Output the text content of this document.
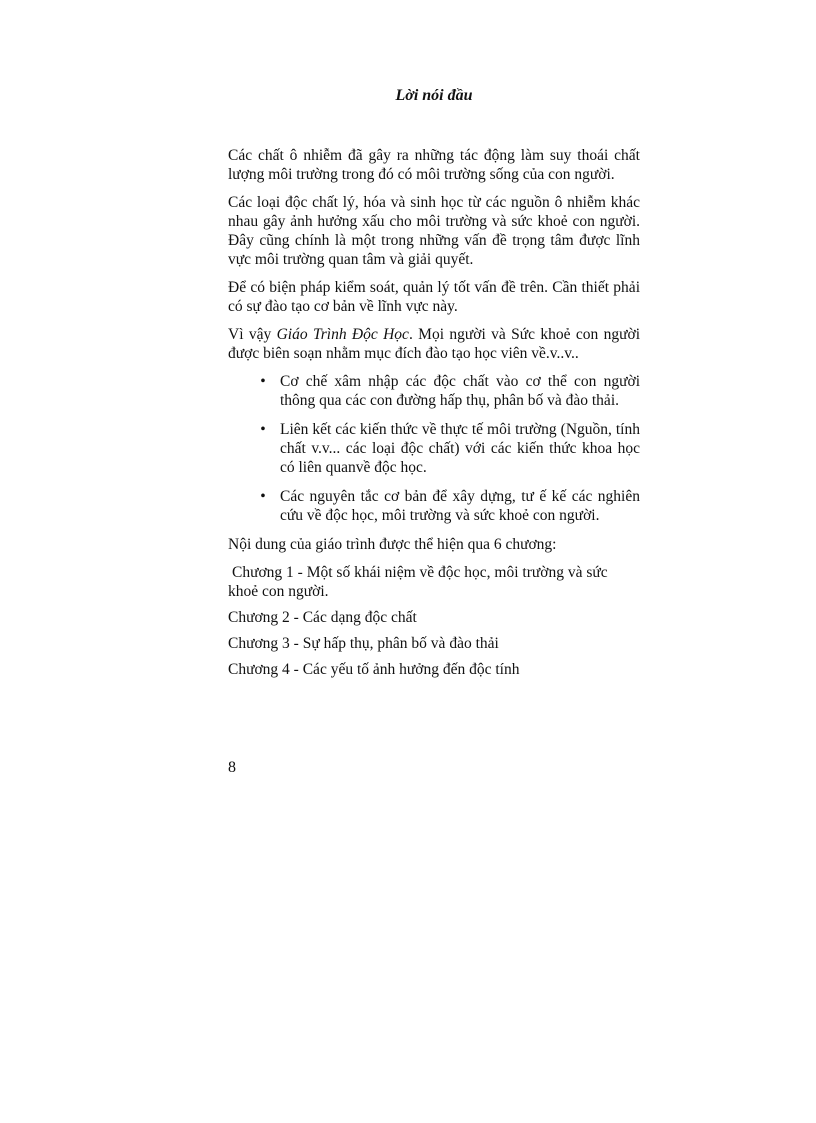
Lời nói đầu

Các chất ô nhiễm đã gây ra những tác động làm suy thoái chất lượng môi trường trong đó có môi trường sống của con người.

Các loại độc chất lý, hóa và sinh học từ các nguồn ô nhiễm khác nhau gây ảnh hưởng xấu cho môi trường và sức khoẻ con người. Đây cũng chính là một trong những vấn đề trọng tâm được lĩnh vực môi trường quan tâm và giải quyết.

Để có biện pháp kiểm soát, quản lý tốt vấn đề trên. Cần thiết phải có sự đào tạo cơ bản về lĩnh vực này.

Vì vậy Giáo Trình Độc Học. Mọi người và Sức khoẻ con người được biên soạn nhằm mục đích đào tạo học viên về.v..v..

• Cơ chế xâm nhập các độc chất vào cơ thể con người thông qua các con đường hấp thụ, phân bố và đào thải.
• Liên kết các kiến thức về thực tế môi trường (Nguồn, tính chất v.v... các loại độc chất) với các kiến thức khoa học có liên quanvề độc học.
• Các nguyên tắc cơ bản để xây dựng, tư ế kế các nghiên cứu về độc học, môi trường và sức khoẻ con người.

Nội dung của giáo trình được thể hiện qua 6 chương:

Chương 1 - Một số khái niệm về độc học, môi trường và sức khoẻ con người.

Chương 2 - Các dạng độc chất

Chương 3 - Sự hấp thụ, phân bố và đào thải

Chương 4 - Các yếu tố ảnh hưởng đến độc tính

8
